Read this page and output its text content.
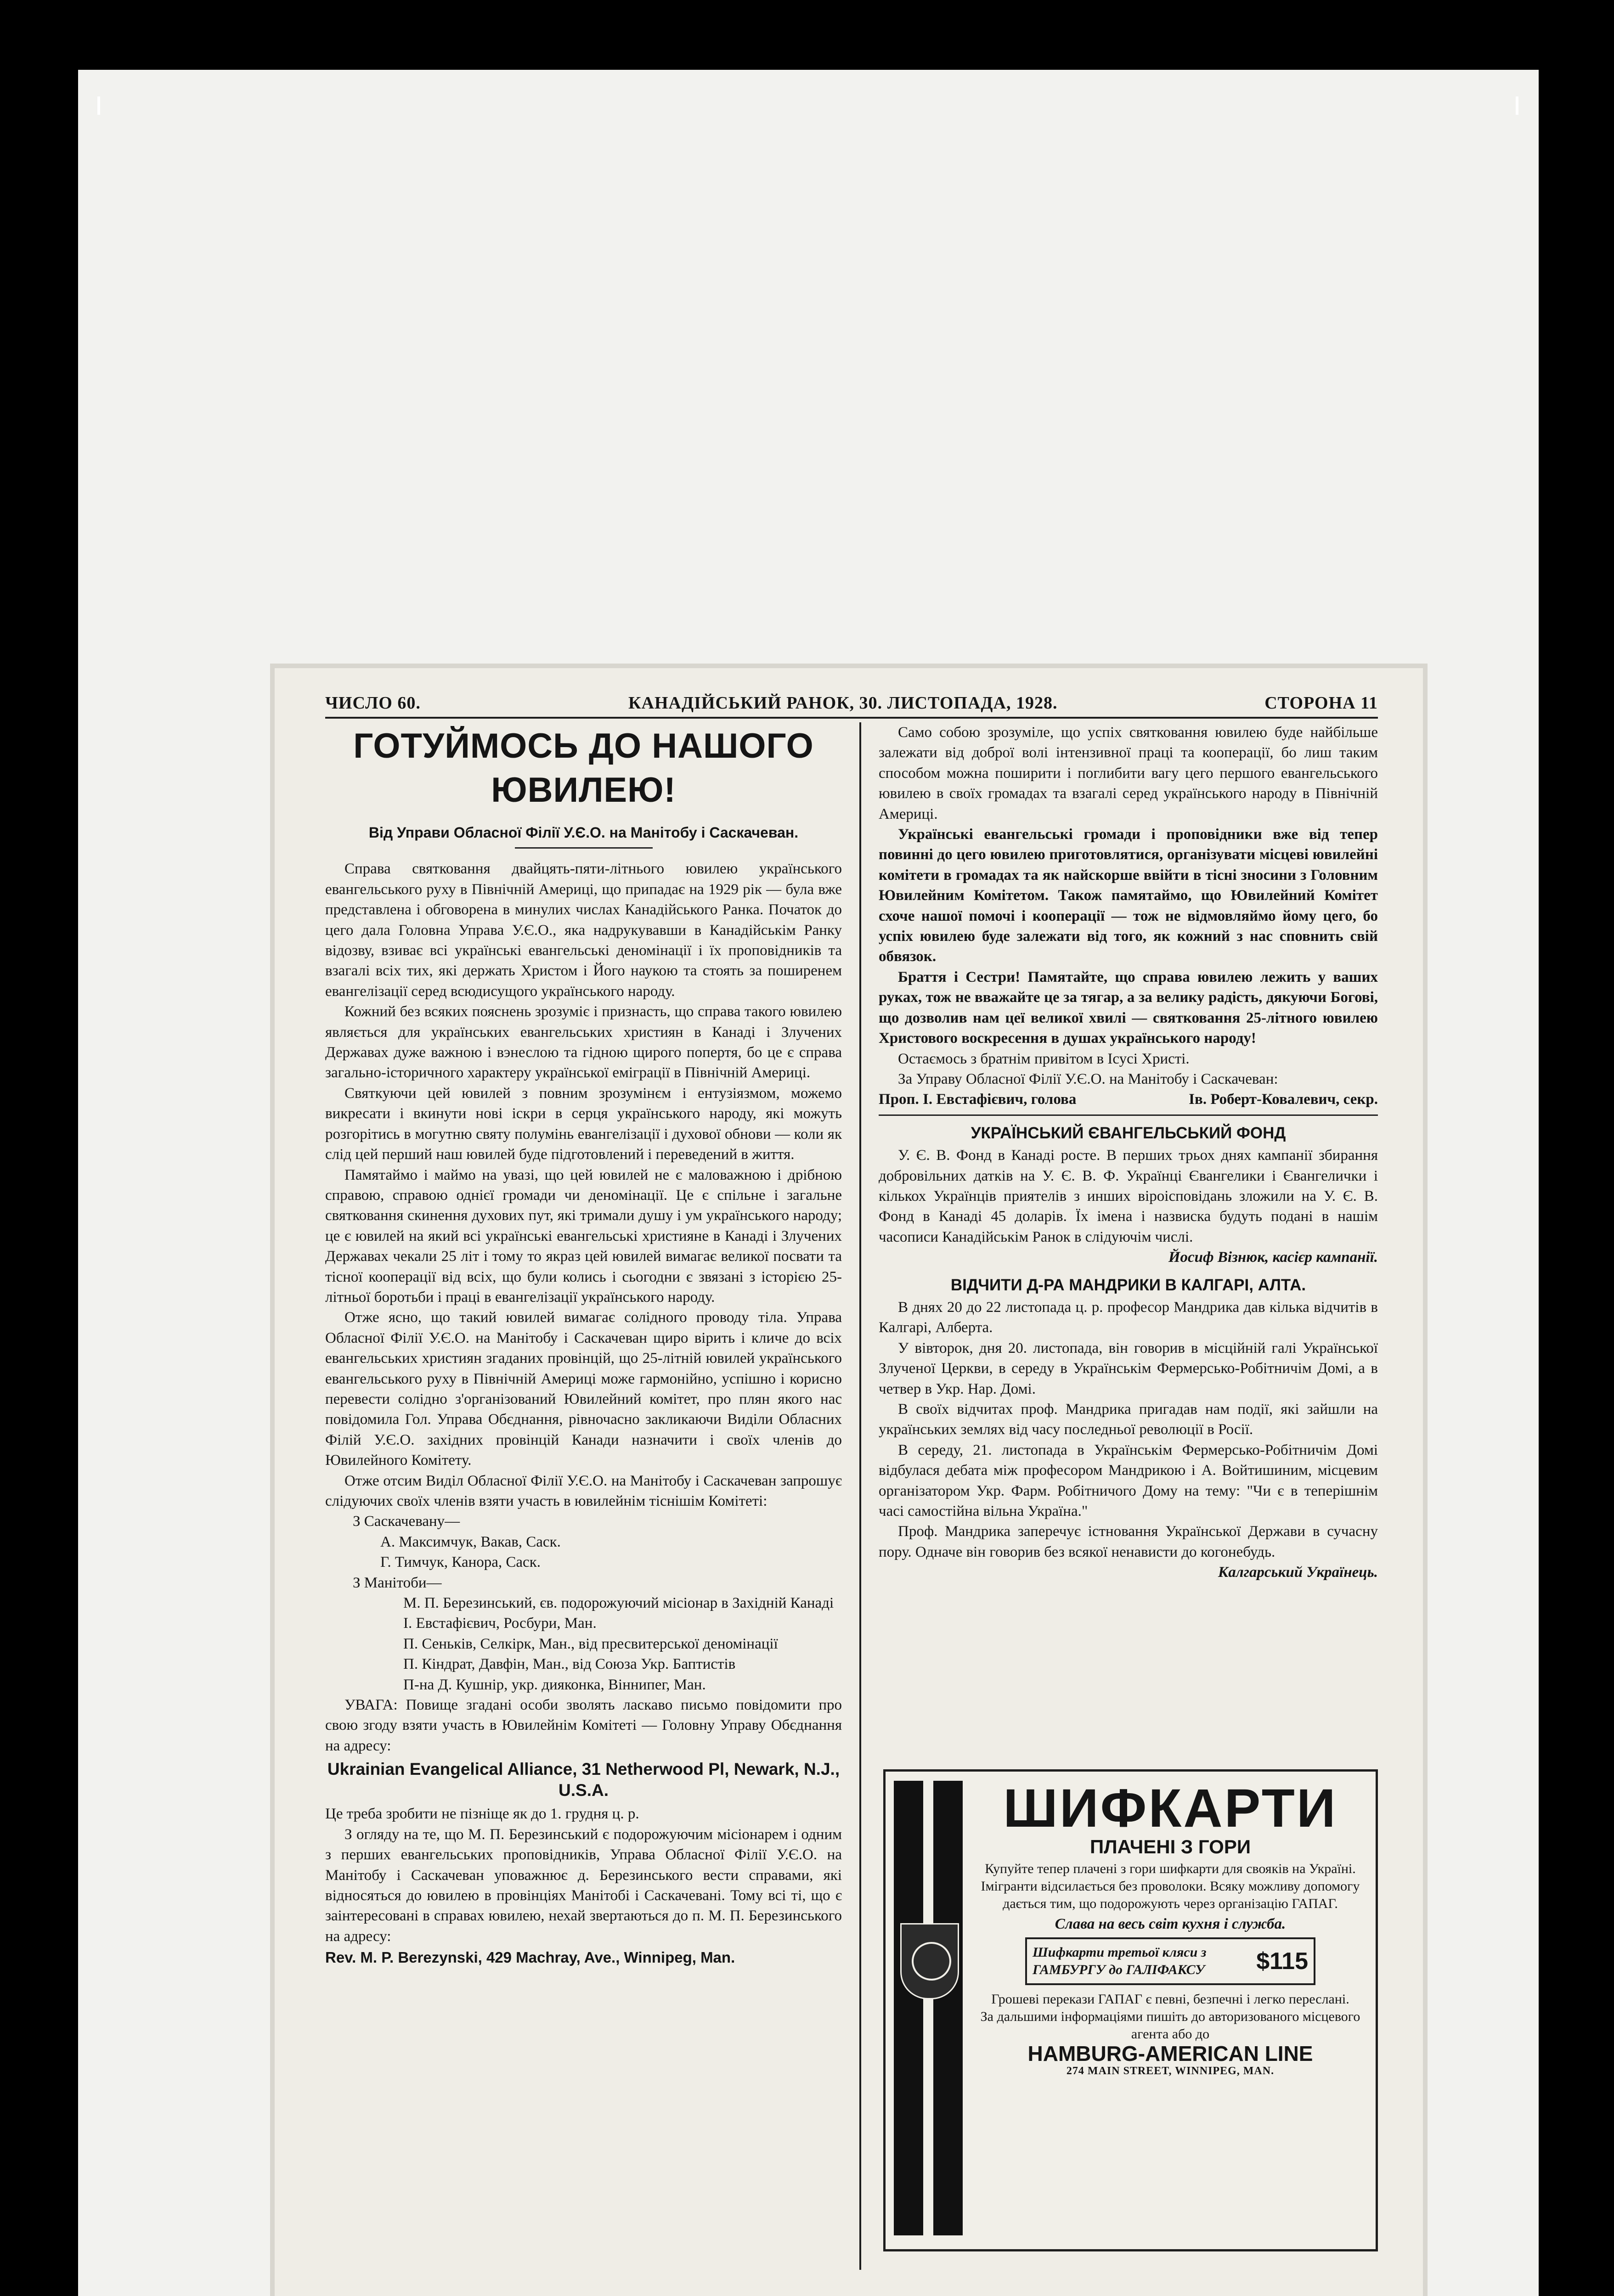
ЧИСЛО 60.	КАНАДІЙСЬКИЙ РАНОК, 30. ЛИСТОПАДА, 1928.	СТОРОНА 11
ГОТУЙМОСЬ ДО НАШОГО ЮВИЛЕЮ!
Від Управи Обласної Філії У.Є.О. на Манітобу і Саскачеван.

Справа святковання двайцять-пяти-літнього ювилею українського евангельського руху в Північній Америці, що припадає на 1929 рік — була вже представлена і обговорена в минулих числах Канадійського Ранка. Початок до цего дала Головна Управа У.Є.О., яка надрукувавши в Канадійськім Ранку відозву, взиває всі українські евангельські деномінації і їх проповідників та взагалі всіх тих, які держать Христом і Його наукою та стоять за поширенем евангелізації серед всюдисущого українського народу.

Кожний без всяких пояснень зрозуміє і признасть, що справа такого ювилею являється для українських евангельських християн в Канаді і Злучених Державах дуже важною і вэнеслою та гідною щирого попертя, бо це є справа загально-історичного характеру української еміграції в Північній Америці.

Святкуючи цей ювилей з повним зрозумінєм і ентузіязмом, можемо викресати і вкинути нові іскри в серця українського народу, які можуть розгорітись в могутню святу полумінь евангелізації і духової обнови — коли як слід цей перший наш ювилей буде підготовлений і переведений в життя.

Памятаймо і маймо на увазі, що цей ювилей не є маловажною і дрібною справою, справою однієї громади чи деномінації. Це є спільне і загальне святковання скинення духових пут, які тримали душу і ум українського народу; це є ювилей на який всі українські евангельські християне в Канаді і Злучених Державах чекали 25 літ і тому то якраз цей ювилей вимагає великої посвати та тісної кооперації від всіх, що були колись і сьогодни є звязані з історією 25-літньої боротьби і праці в евангелізації українського народу.

Отже ясно, що такий ювилей вимагає солідного проводу тіла. Управа Обласної Філії У.Є.О. на Манітобу і Саскачеван щиро вірить і кличе до всіх евангельських християн згаданих провінцій, що 25-літній ювилей українського евангельського руху в Північній Америці може гармонійно, успішно і корисно перевести солідно з'організований Ювилейний комітет, про плян якого нас повідомила Гол. Управа Обєднання, рівночасно закликаючи Виділи Обласних Філій У.Є.О. західних провінцій Канади назначити і своїх членів до Ювилейного Комітету.

Отже отсим Виділ Обласної Філії У.Є.О. на Манітобу і Саскачеван запрошує слідуючих своїх членів взяти участь в ювилейнім тіснішім Комітеті:

З Саскачевану—
А. Максимчук, Вакав, Саск.
Г. Тимчук, Канора, Саск.
З Манітоби—
М. П. Березинський, єв. подорожуючий місіонар в Західній Канаді
І. Евстафієвич, Росбури, Ман.
П. Сеньків, Селкірк, Ман., від пресвитерської деномінації
П. Кіндрат, Давфін, Ман., від Союза Укр. Баптистів
П-на Д. Кушнір, укр. дияконка, Віннипег, Ман.

УВАГА: Повище згадані особи зволять ласкаво письмо повідомити про свою згоду взяти участь в Ювилейнім Комітеті — Головну Управу Обєднання на адресу:

Ukrainian Evangelical Alliance, 31 Netherwood Pl, Newark, N.J., U.S.A.

Це треба зробити не пізніще як до 1. грудня ц. р.

З огляду на те, що М. П. Березинський є подорожуючим місіонарем і одним з перших евангельських проповідників, Управа Обласної Філії У.Є.О. на Манітобу і Саскачеван уповажнює д. Березинського вести справами, які відносяться до ювилею в провінціях Манітобі і Саскачевані. Тому всі ті, що є заінтересовані в справах ювилею, нехай звертаються до п. М. П. Березинського на адресу:

Rev. M. P. Berezynski, 429 Machray, Ave., Winnipeg, Man.

Само собою зрозуміле, що успіх святковання ювилею буде найбільше залежати від доброї волі інтензивної праці та кооперації, бо лиш таким способом можна поширити і поглибити вагу цего першого евангельського ювилею в своїх громадах та взагалі серед українського народу в Північній Америці.

Українські евангельські громади і проповідники вже від тепер повинні до цего ювилею приготовлятися, організувати місцеві ювилейні комітети в громадах та як найскорше ввійти в тісні зносини з Головним Ювилейним Комітетом. Також памятаймо, що Ювилейний Комітет схоче нашої помочі і кооперації — тож не відмовляймо йому цего, бо успіх ювилею буде залежати від того, як кожний з нас сповнить свій обвязок.

Браття і Сестри! Памятайте, що справа ювилею лежить у ваших руках, тож не вважайте це за тягар, а за велику радість, дякуючи Богові, що дозволив нам цеї великої хвилі — святковання 25-літного ювилею Христового воскресення в душах українського народу!

Остаємось з братнім привітом в Ісусі Христі.

За Управу Обласної Філії У.Є.О. на Манітобу і Саскачеван:

Проп. І. Евстафієвич, голова	Ів. Роберт-Ковалевич, секр.
УКРАЇНСЬКИЙ ЄВАНГЕЛЬСЬКИЙ ФОНД

У. Є. В. Фонд в Канаді росте. В перших трьох днях кампанії збирання добровільних датків на У. Є. В. Ф. Українці Євангелики і Євангелички і кількох Українців приятелів з инших віроісповідань зложили на У. Є. В. Фонд в Канаді 45 доларів. Їх імена і назвиска будуть подані в нашім часописи Канадійськім Ранок в слідуючім числі.

Йосиф Візнюк, касієр кампанії.
ВІДЧИТИ Д-РА МАНДРИКИ В КАЛГАРІ, АЛТА.

В днях 20 до 22 листопада ц. р. професор Мандрика дав кілька відчитів в Калгарі, Алберта.

У вівторок, дня 20. листопада, він говорив в місційній галі Української Злученої Церкви, в середу в Українськім Фермерсько-Робітничім Домі, а в четвер в Укр. Нар. Домі.

В своїх відчитах проф. Мандрика пригадав нам події, які зайшли на українських землях від часу последньої революції в Росії.

В середу, 21. листопада в Українськім Фермерсько-Робітничім Домі відбулася дебата між професором Мандрикою і А. Войтишиним, місцевим організатором Укр. Фарм. Робітничого Дому на тему: "Чи є в теперішнім часі самостійна вільна Україна."

Проф. Мандрика заперечує істновання Української Держави в сучасну пору. Одначе він говорив без всякої ненависти до когонебудь.

Калгарський Українець.
ШИФКАРТИ
ПЛАЧЕНІ З ГОРИ
Купуйте тепер плачені з гори шифкарти для свояків на Україні. Імігранти відсилається без проволоки. Всяку можливу допомогу дається тим, що подорожують через організацію ГАПАГ.
Слава на весь світ кухня і служба.
Шифкарти третьої кляси з ГАМБУРГУ до ГАЛІФАКСУ	$115
Грошеві перекази ГАПАГ є певні, безпечні і легко переслані.
За дальшими інформаціями пишіть до авторизованого місцевого агента або до
HAMBURG-AMERICAN LINE
274 MAIN STREET, WINNIPEG, MAN.
